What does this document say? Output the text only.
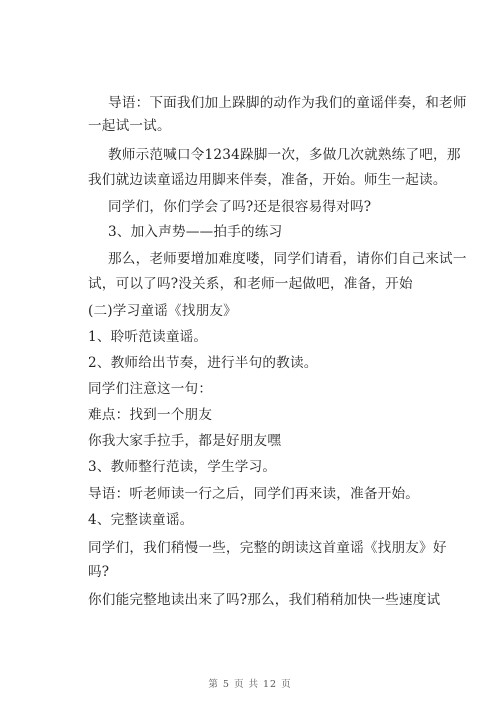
导语：下面我们加上跺脚的动作为我们的童谣伴奏，和老师
一起试一试。
教师示范喊口令1234跺脚一次，多做几次就熟练了吧，那
我们就边读童谣边用脚来伴奏，准备，开始。师生一起读。
同学们，你们学会了吗?还是很容易得对吗?
3、加入声势——拍手的练习
那么，老师要增加难度喽，同学们请看，请你们自己来试一
试，可以了吗?没关系，和老师一起做吧，准备，开始
(二)学习童谣《找朋友》
1、聆听范读童谣。
2、教师给出节奏，进行半句的教读。
同学们注意这一句：
难点：找到一个朋友
你我大家手拉手，都是好朋友嘿
3、教师整行范读，学生学习。
导语：听老师读一行之后，同学们再来读，准备开始。
4、完整读童谣。
同学们，我们稍慢一些，完整的朗读这首童谣《找朋友》好
吗?
你们能完整地读出来了吗?那么，我们稍稍加快一些速度试
第 5 页 共 12 页
